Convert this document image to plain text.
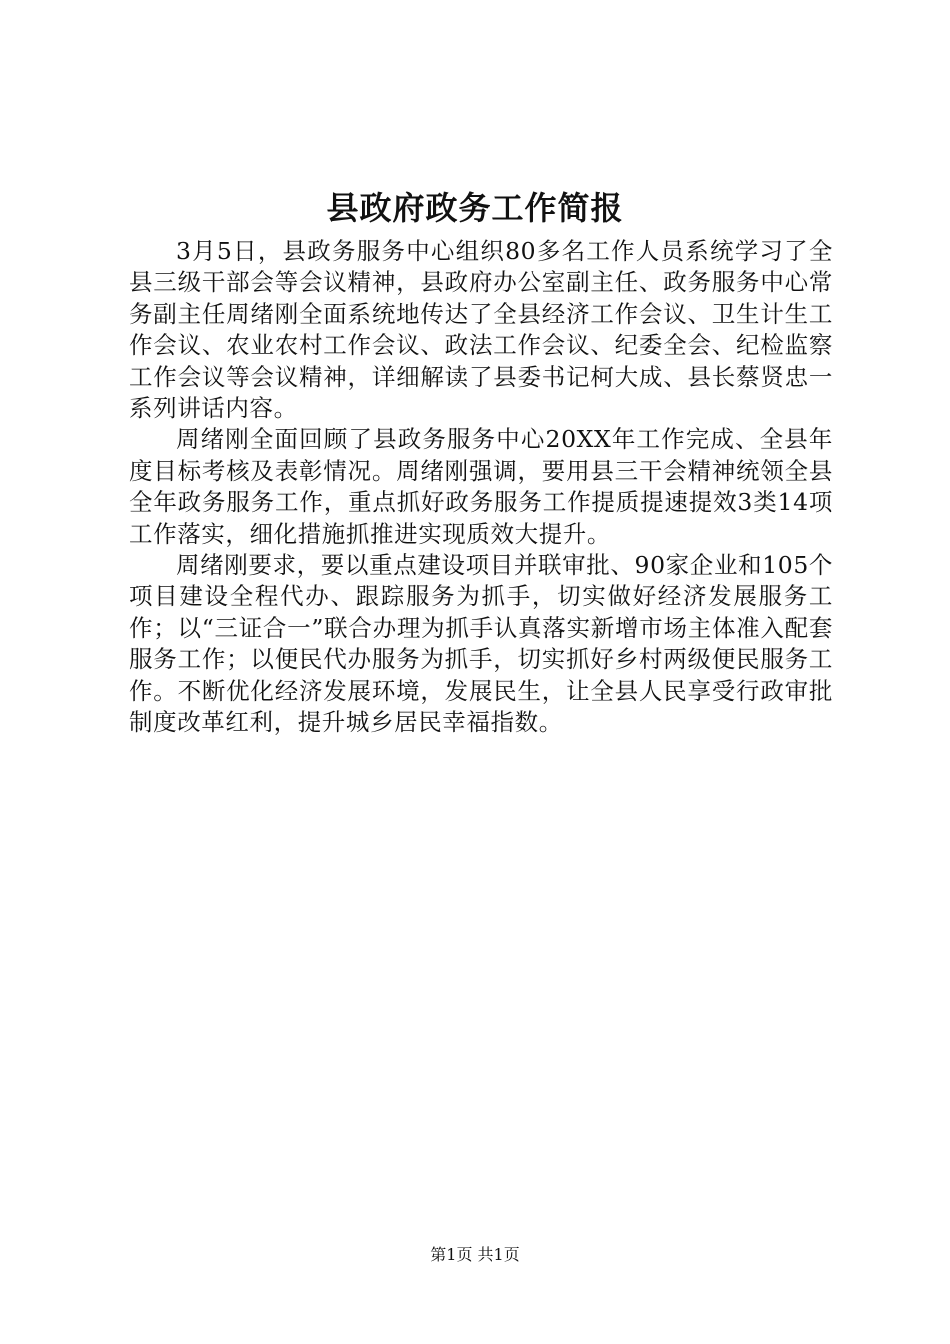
县政府政务工作简报

3月5日，县政务服务中心组织80多名工作人员系统学习了全县三级干部会等会议精神，县政府办公室副主任、政务服务中心常务副主任周绪刚全面系统地传达了全县经济工作会议、卫生计生工作会议、农业农村工作会议、政法工作会议、纪委全会、纪检监察工作会议等会议精神，详细解读了县委书记柯大成、县长蔡贤忠一系列讲话内容。

周绪刚全面回顾了县政务服务中心20XX年工作完成、全县年度目标考核及表彰情况。周绪刚强调，要用县三干会精神统领全县全年政务服务工作，重点抓好政务服务工作提质提速提效3类14项工作落实，细化措施抓推进实现质效大提升。

周绪刚要求，要以重点建设项目并联审批、90家企业和105个项目建设全程代办、跟踪服务为抓手，切实做好经济发展服务工作；以“三证合一”联合办理为抓手认真落实新增市场主体准入配套服务工作；以便民代办服务为抓手，切实抓好乡村两级便民服务工作。不断优化经济发展环境，发展民生，让全县人民享受行政审批制度改革红利，提升城乡居民幸福指数。

第1页 共1页
